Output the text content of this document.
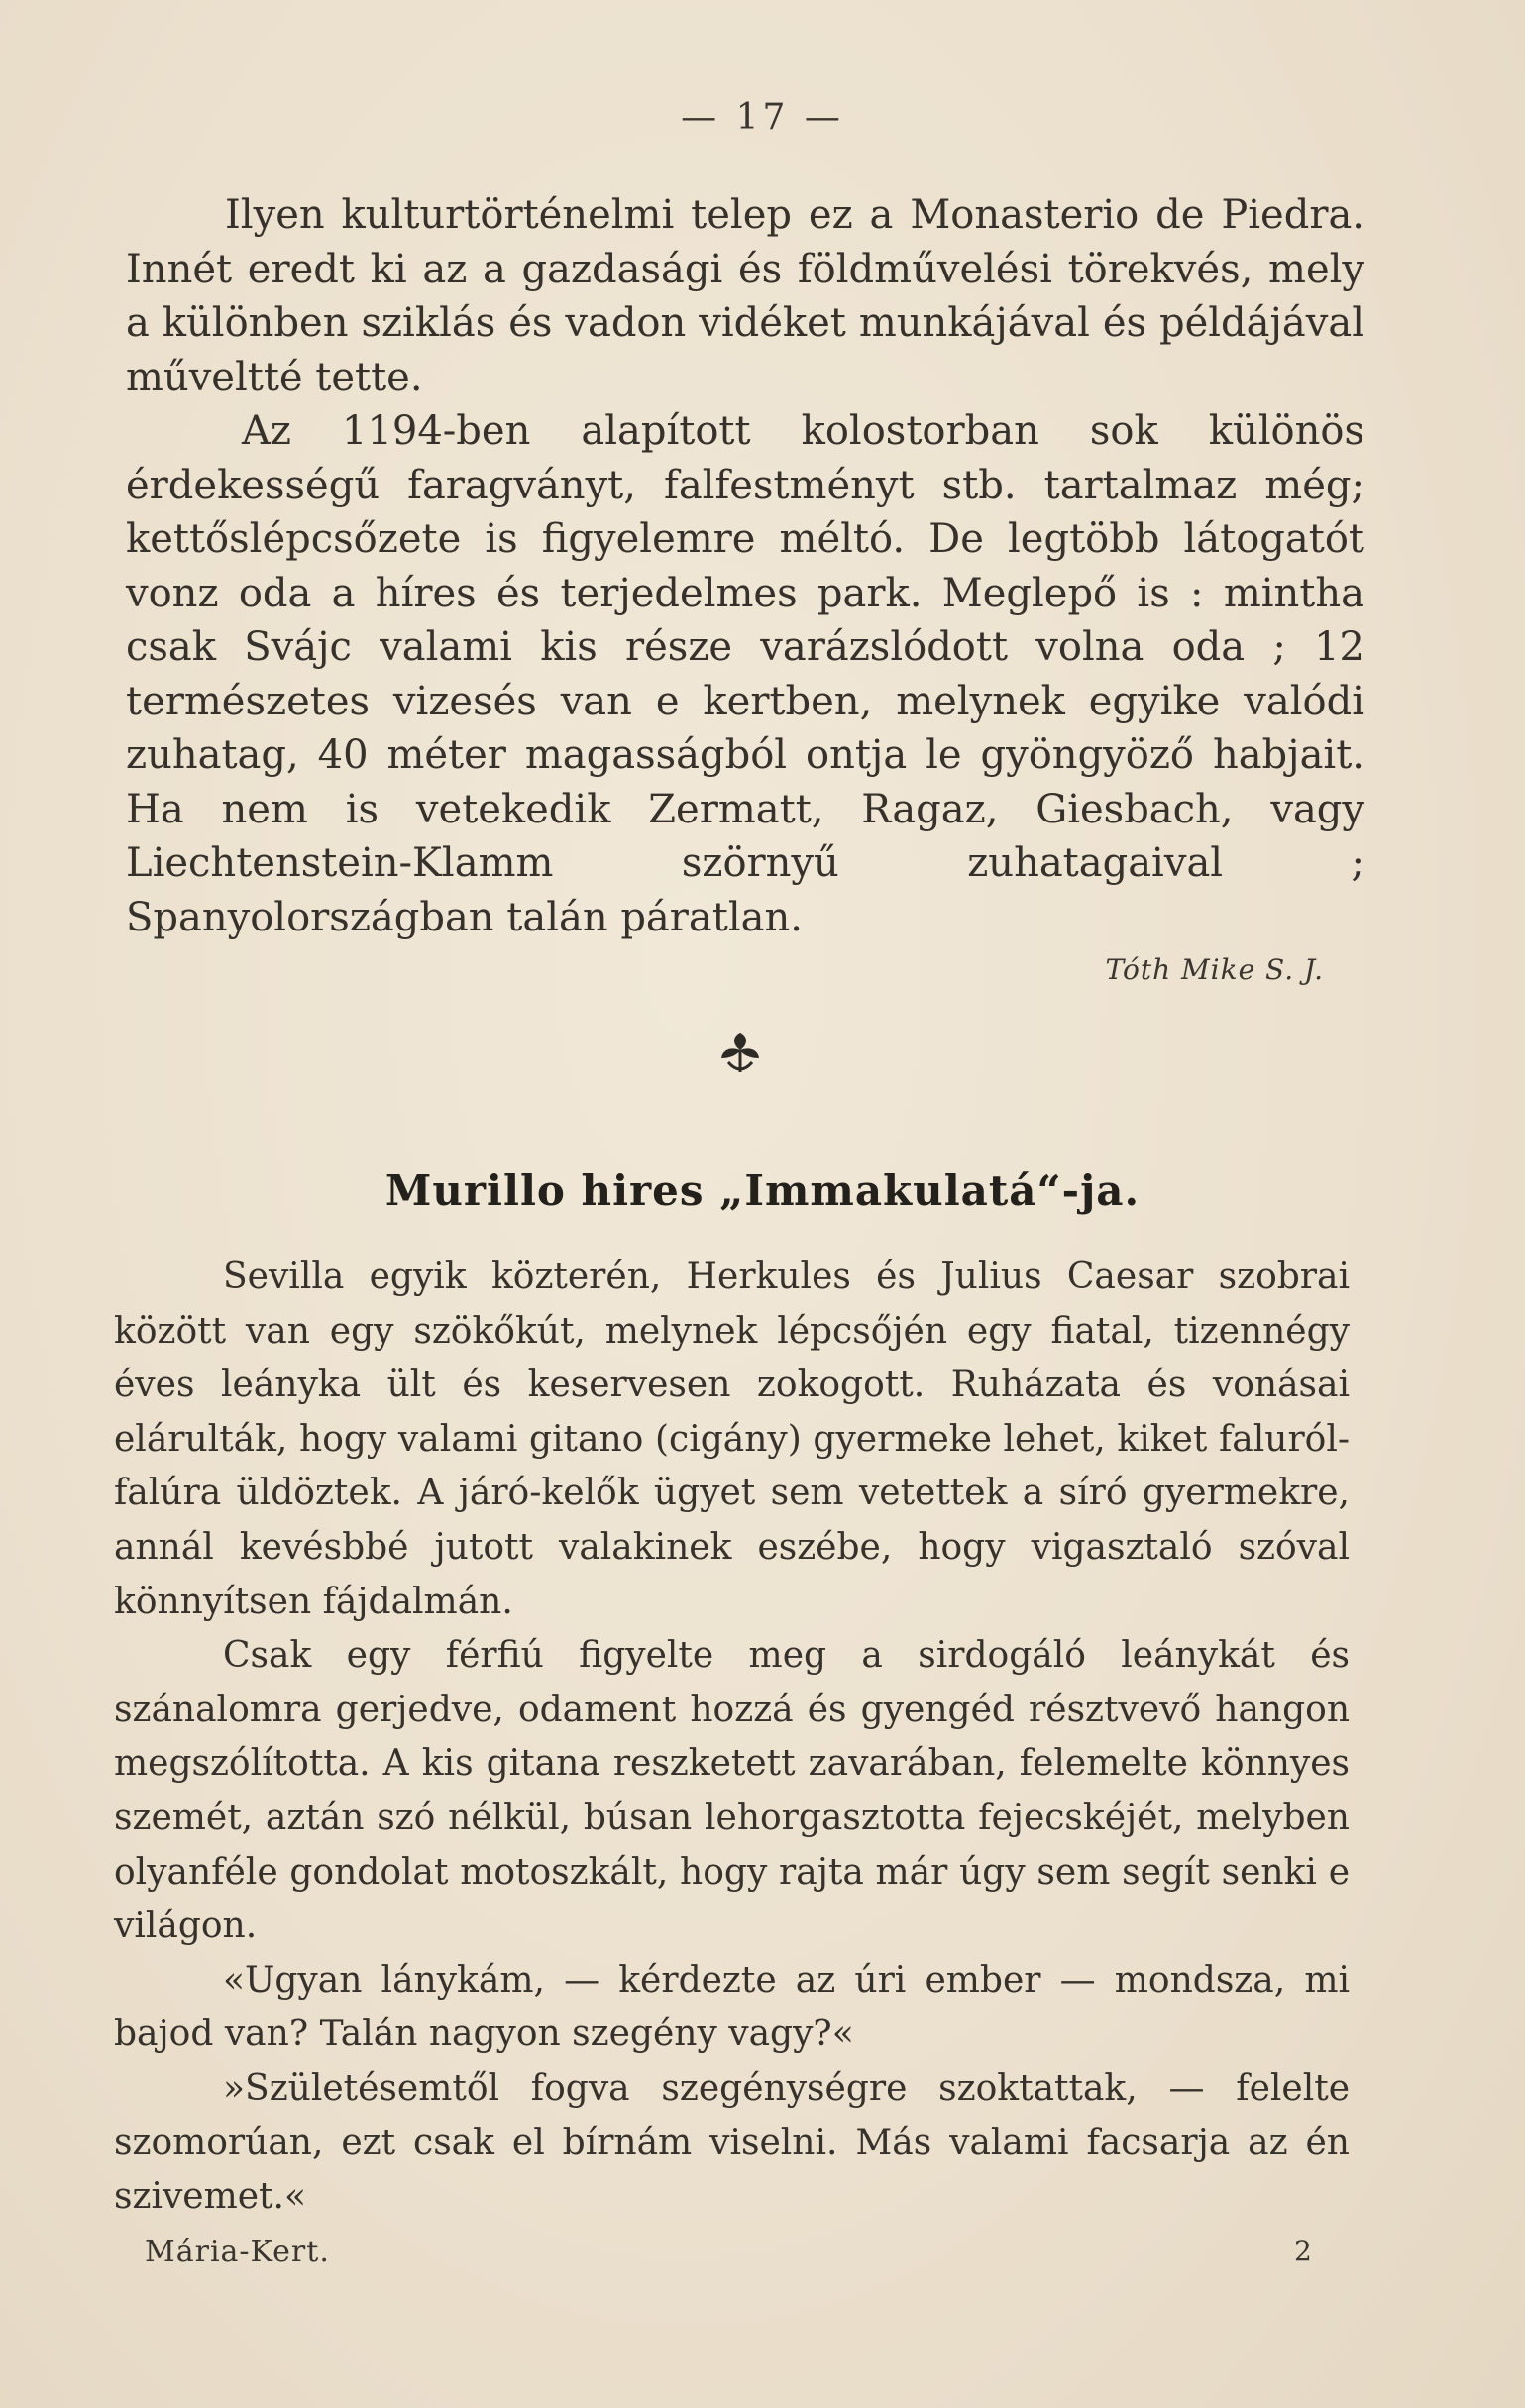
— 17 —

Ilyen kulturtörténelmi telep ez a Monasterio de Piedra. Innét eredt ki az a gazdasági és földművelési törekvés, mely a különben sziklás és vadon vidéket munkájával és példájával műveltté tette.

Az 1194-ben alapított kolostorban sok különös érdekességű faragványt, falfestményt stb. tartalmaz még; kettőslépcsőzete is figyelemre méltó. De legtöbb látogatót vonz oda a híres és terjedelmes park. Meglepő is : mintha csak Svájc valami kis része varázslódott volna oda ; 12 természetes vizesés van e kertben, melynek egyike valódi zuhatag, 40 méter magasságból ontja le gyöngyöző habjait. Ha nem is vetekedik Zermatt, Ragaz, Giesbach, vagy Liechtenstein-Klamm szörnyű zuhatagaival ; Spanyolországban talán páratlan.

Tóth Mike S. J.
Murillo hires „Immakulatá“-ja.

Sevilla egyik közterén, Herkules és Julius Caesar szobrai között van egy szökőkút, melynek lépcsőjén egy fiatal, tizennégy éves leányka ült és keservesen zokogott. Ruházata és vonásai elárulták, hogy valami gitano (cigány) gyermeke lehet, kiket faluról-falúra üldöztek. A járó-kelők ügyet sem vetettek a síró gyermekre, annál kevésbbé jutott valakinek eszébe, hogy vigasztaló szóval könnyítsen fájdalmán.

Csak egy férfiú figyelte meg a sirdogáló leánykát és szánalomra gerjedve, odament hozzá és gyengéd résztvevő hangon megszólította. A kis gitana reszketett zavarában, felemelte könnyes szemét, aztán szó nélkül, búsan lehorgasztotta fejecskéjét, melyben olyanféle gondolat motoszkált, hogy rajta már úgy sem segít senki e világon.

«Ugyan lánykám, — kérdezte az úri ember — mondsza, mi bajod van? Talán nagyon szegény vagy?«

»Születésemtől fogva szegénységre szoktattak, — felelte szomorúan, ezt csak el bírnám viselni. Más valami facsarja az én szivemet.«

Mária-Kert.	2
